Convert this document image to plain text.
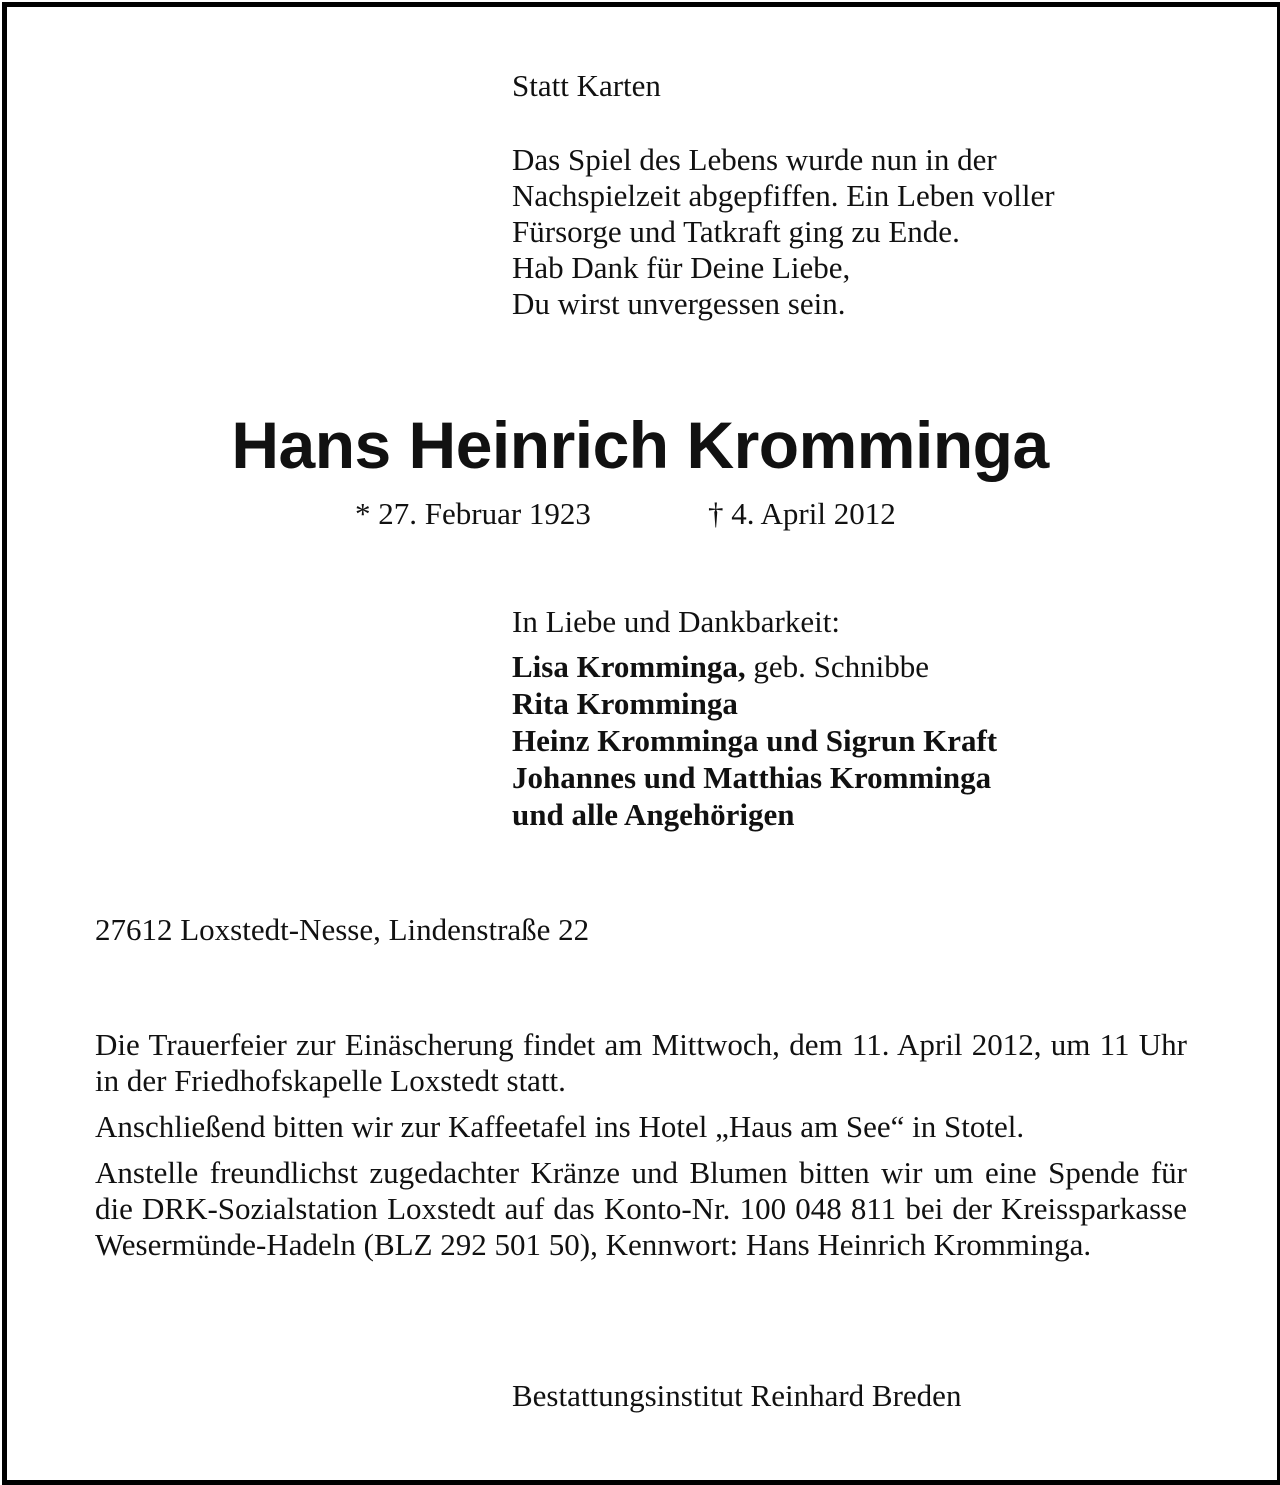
Statt Karten
Das Spiel des Lebens wurde nun in der
Nachspielzeit abgepfiffen. Ein Leben voller
Fürsorge und Tatkraft ging zu Ende.
Hab Dank für Deine Liebe,
Du wirst unvergessen sein.
Hans Heinrich Kromminga
* 27. Februar 1923	† 4. April 2012
In Liebe und Dankbarkeit:
Lisa Kromminga, geb. Schnibbe
Rita Kromminga
Heinz Kromminga und Sigrun Kraft
Johannes und Matthias Kromminga
und alle Angehörigen
27612 Loxstedt-Nesse, Lindenstraße 22
Die Trauerfeier zur Einäscherung findet am Mittwoch, dem 11. April 2012, um 11 Uhr in der Friedhofskapelle Loxstedt statt.
Anschließend bitten wir zur Kaffeetafel ins Hotel „Haus am See“ in Stotel.
Anstelle freundlichst zugedachter Kränze und Blumen bitten wir um eine Spende für die DRK-Sozialstation Loxstedt auf das Konto-Nr. 100 048 811 bei der Kreissparkasse Wesermünde-Hadeln (BLZ 292 501 50), Kennwort: Hans Heinrich Kromminga.
Bestattungsinstitut Reinhard Breden
